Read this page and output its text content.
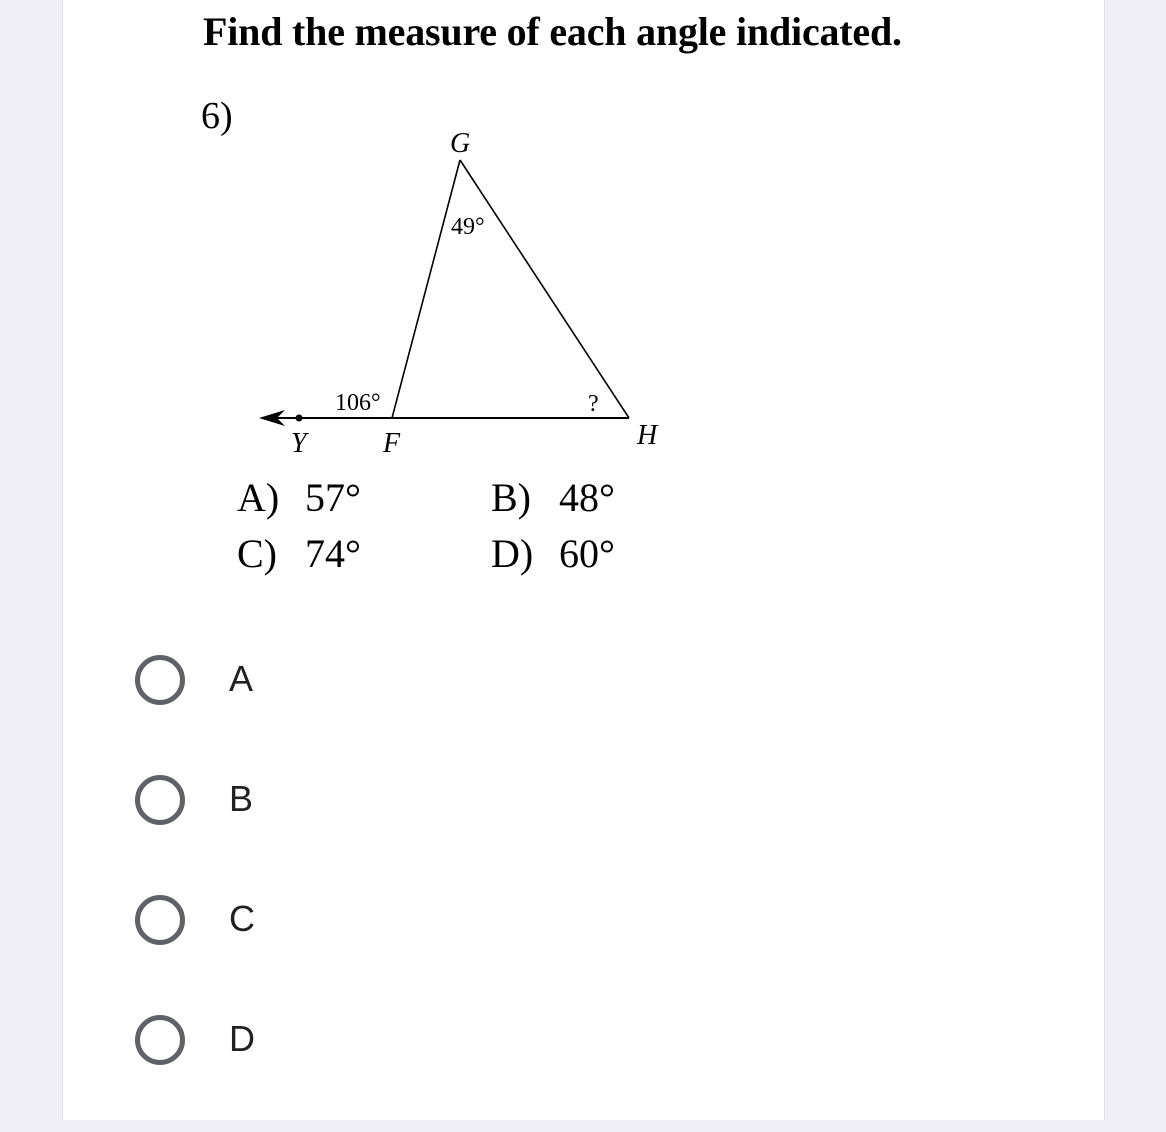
Find the measure of each angle indicated.
6)
G
H
F
Y
49°
106°	?
A) 57°	B) 48°
C) 74°	D) 60°
A
B
C
D
